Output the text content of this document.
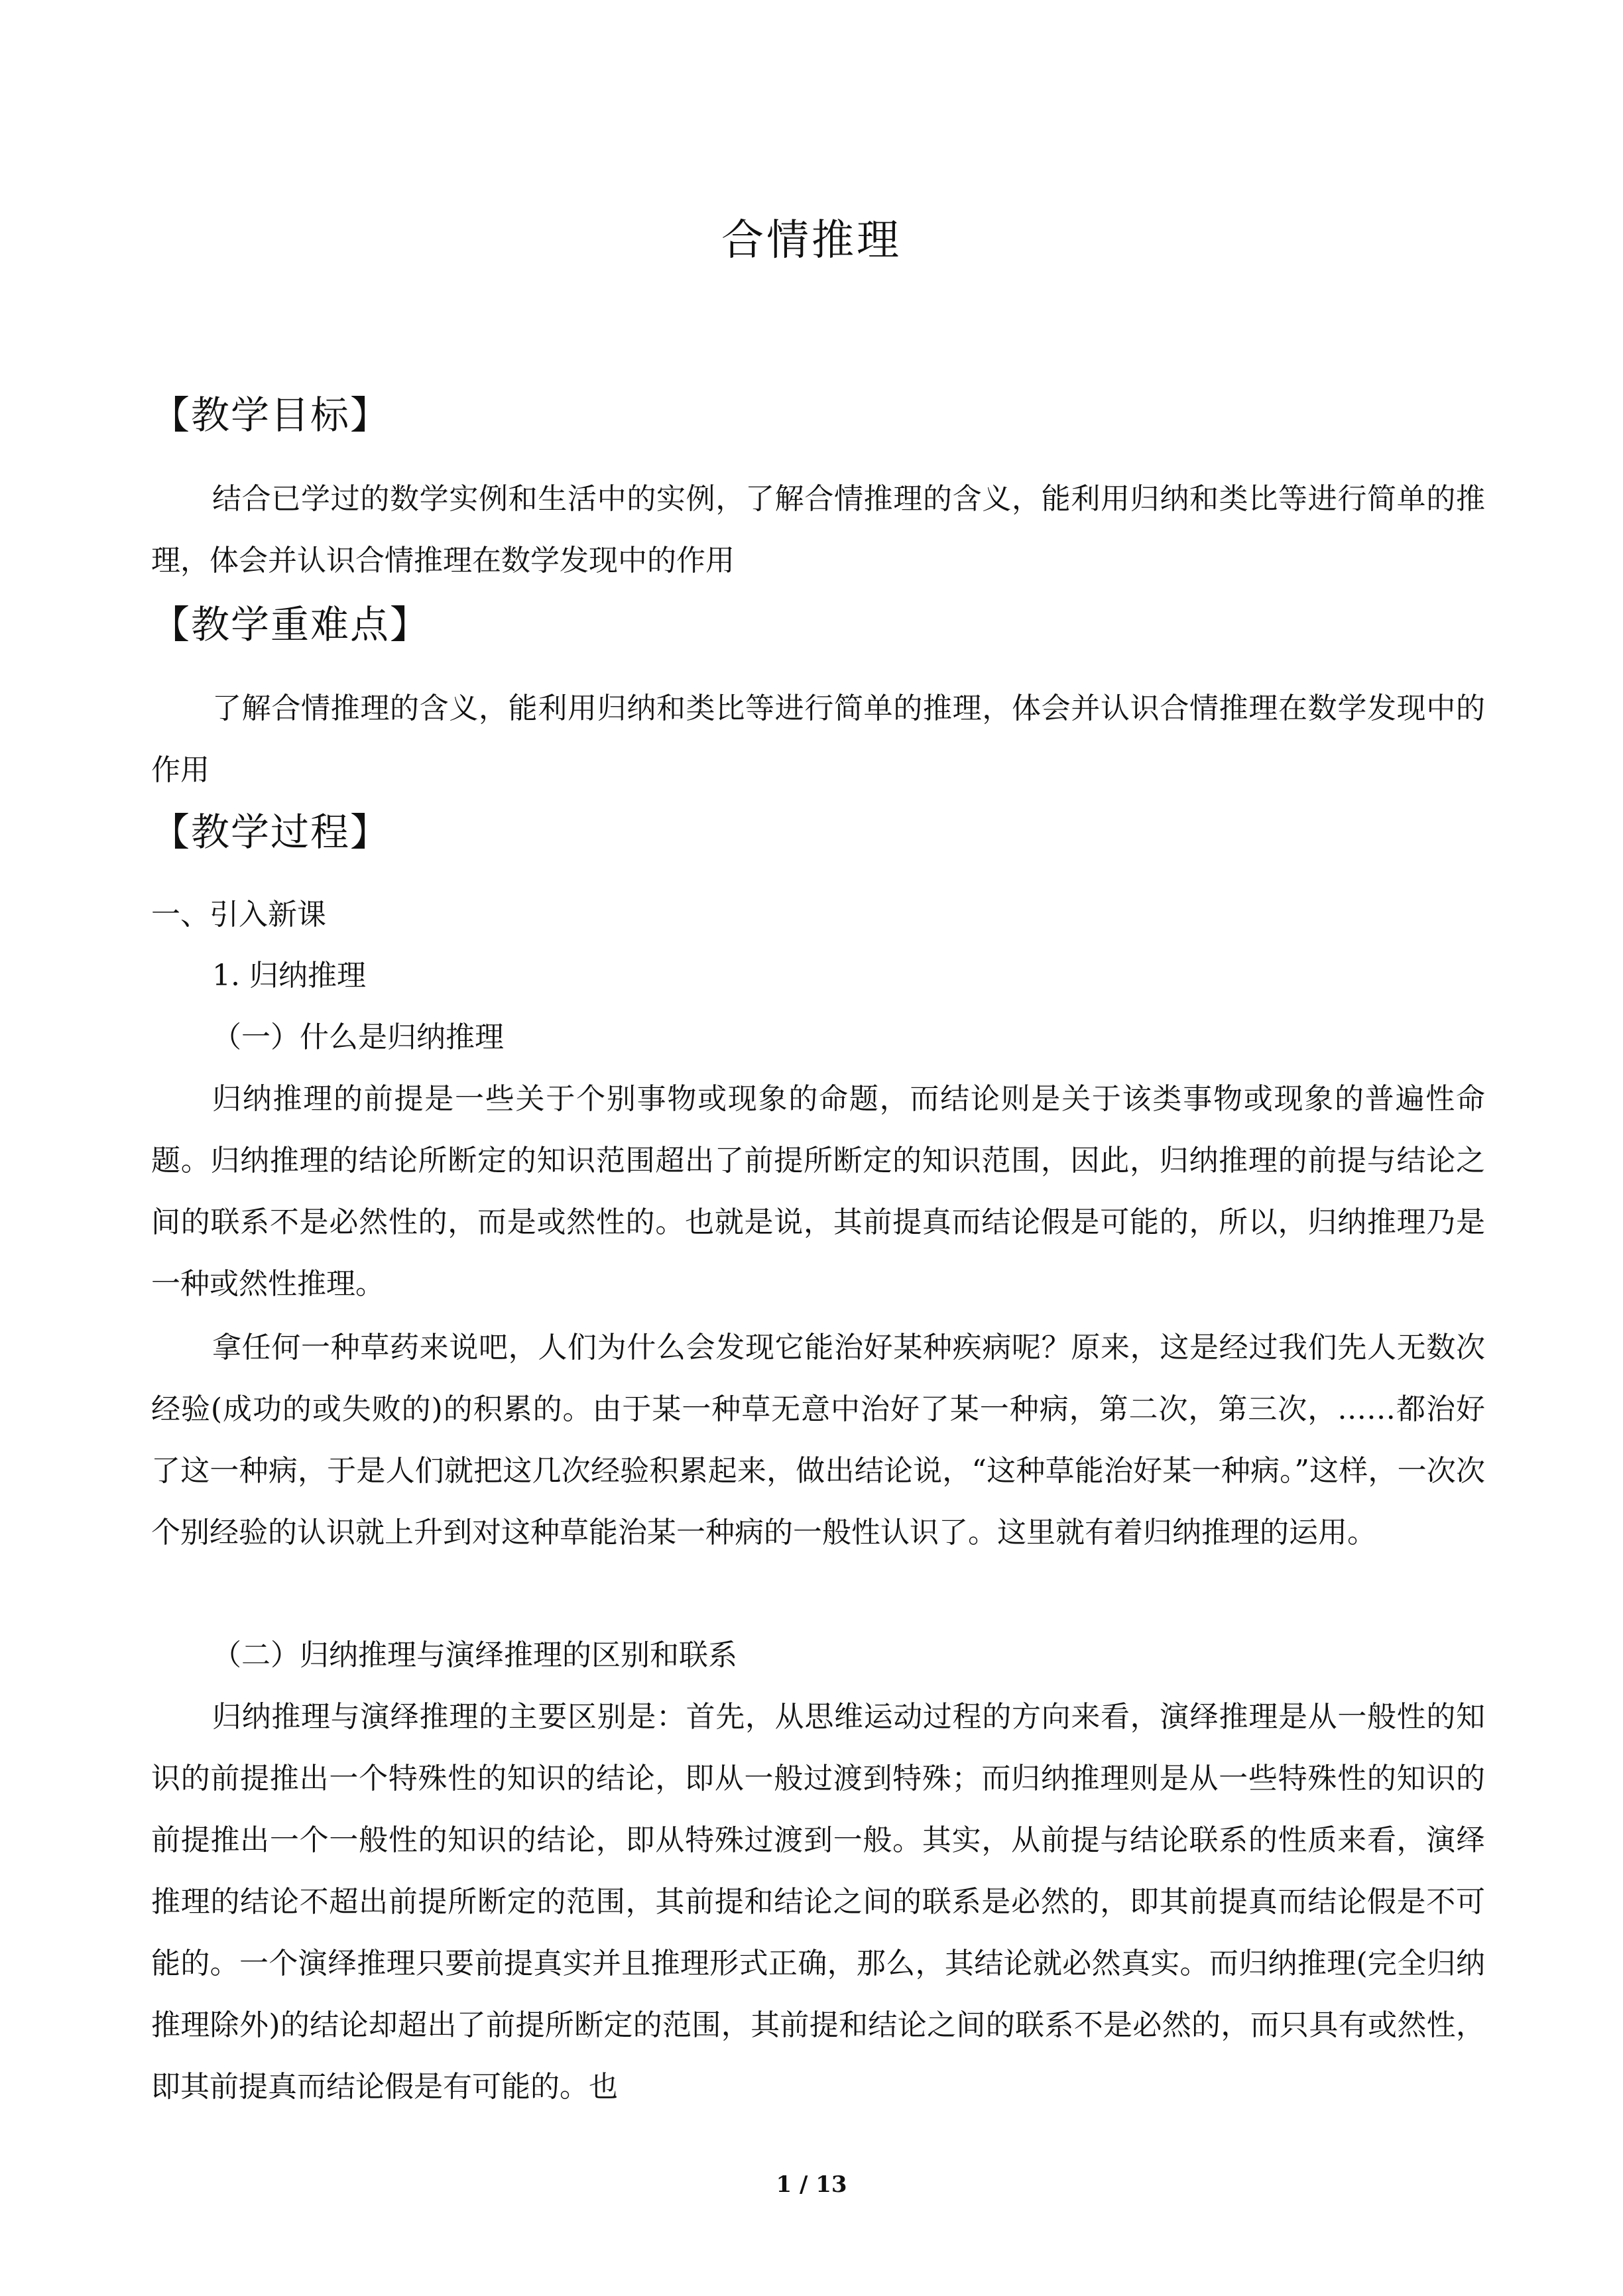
合情推理
【教学目标】

结合已学过的数学实例和生活中的实例，了解合情推理的含义，能利用归纳和类比等进行简单的推理，体会并认识合情推理在数学发现中的作用

【教学重难点】

了解合情推理的含义，能利用归纳和类比等进行简单的推理，体会并认识合情推理在数学发现中的作用

【教学过程】
一、引入新课
1. 归纳推理
（一）什么是归纳推理

归纳推理的前提是一些关于个别事物或现象的命题，而结论则是关于该类事物或现象的普遍性命题。归纳推理的结论所断定的知识范围超出了前提所断定的知识范围，因此，归纳推理的前提与结论之间的联系不是必然性的，而是或然性的。也就是说，其前提真而结论假是可能的，所以，归纳推理乃是一种或然性推理。

拿任何一种草药来说吧，人们为什么会发现它能治好某种疾病呢？原来，这是经过我们先人无数次经验(成功的或失败的)的积累的。由于某一种草无意中治好了某一种病，第二次，第三次，……都治好了这一种病，于是人们就把这几次经验积累起来，做出结论说，“这种草能治好某一种病。”这样，一次次个别经验的认识就上升到对这种草能治某一种病的一般性认识了。这里就有着归纳推理的运用。

（二）归纳推理与演绎推理的区别和联系

归纳推理与演绎推理的主要区别是：首先，从思维运动过程的方向来看，演绎推理是从一般性的知识的前提推出一个特殊性的知识的结论，即从一般过渡到特殊；而归纳推理则是从一些特殊性的知识的前提推出一个一般性的知识的结论，即从特殊过渡到一般。其实，从前提与结论联系的性质来看，演绎推理的结论不超出前提所断定的范围，其前提和结论之间的联系是必然的，即其前提真而结论假是不可能的。一个演绎推理只要前提真实并且推理形式正确，那么，其结论就必然真实。而归纳推理(完全归纳推理除外)的结论却超出了前提所断定的范围，其前提和结论之间的联系不是必然的，而只具有或然性，即其前提真而结论假是有可能的。也

1 / 13
